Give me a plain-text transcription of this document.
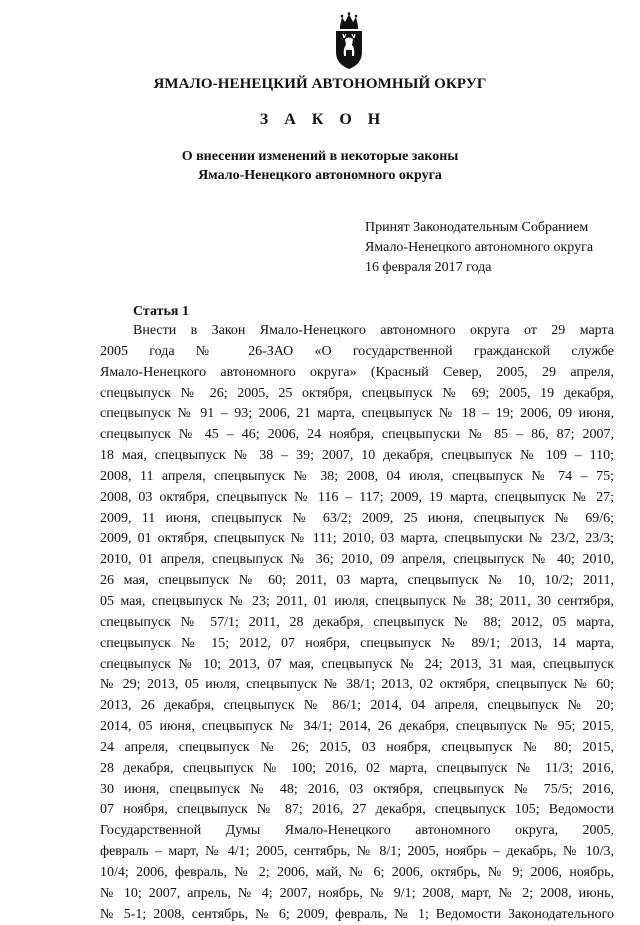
ЯМАЛО-НЕНЕЦКИЙ АВТОНОМНЫЙ ОКРУГ
З А К О Н
О внесении изменений в некоторые законы
Ямало-Ненецкого автономного округа
Принят Законодательным Собранием
Ямало-Ненецкого автономного округа
16 февраля 2017 года
Статья 1
Внести в Закон Ямало-Ненецкого автономного округа от 29 марта
2005 года № 26-ЗАО «О государственной гражданской службе
Ямало-Ненецкого автономного округа» (Красный Север, 2005, 29 апреля,
спецвыпуск № 26; 2005, 25 октября, спецвыпуск № 69; 2005, 19 декабря,
спецвыпуск № 91 – 93; 2006, 21 марта, спецвыпуск № 18 – 19; 2006, 09 июня,
спецвыпуск № 45 – 46; 2006, 24 ноября, спецвыпуски № 85 – 86, 87; 2007,
18 мая, спецвыпуск № 38 – 39; 2007, 10 декабря, спецвыпуск № 109 – 110;
2008, 11 апреля, спецвыпуск № 38; 2008, 04 июля, спецвыпуск № 74 – 75;
2008, 03 октября, спецвыпуск № 116 – 117; 2009, 19 марта, спецвыпуск № 27;
2009, 11 июня, спецвыпуск № 63/2; 2009, 25 июня, спецвыпуск № 69/6;
2009, 01 октября, спецвыпуск № 111; 2010, 03 марта, спецвыпуски № 23/2, 23/3;
2010, 01 апреля, спецвыпуск № 36; 2010, 09 апреля, спецвыпуск № 40; 2010,
26 мая, спецвыпуск № 60; 2011, 03 марта, спецвыпуск № 10, 10/2; 2011,
05 мая, спецвыпуск № 23; 2011, 01 июля, спецвыпуск № 38; 2011, 30 сентября,
спецвыпуск № 57/1; 2011, 28 декабря, спецвыпуск № 88; 2012, 05 марта,
спецвыпуск № 15; 2012, 07 ноября, спецвыпуск № 89/1; 2013, 14 марта,
спецвыпуск № 10; 2013, 07 мая, спецвыпуск № 24; 2013, 31 мая, спецвыпуск
№ 29; 2013, 05 июля, спецвыпуск № 38/1; 2013, 02 октября, спецвыпуск № 60;
2013, 26 декабря, спецвыпуск № 86/1; 2014, 04 апреля, спецвыпуск № 20;
2014, 05 июня, спецвыпуск № 34/1; 2014, 26 декабря, спецвыпуск № 95; 2015,
24 апреля, спецвыпуск № 26; 2015, 03 ноября, спецвыпуск № 80; 2015,
28 декабря, спецвыпуск № 100; 2016, 02 марта, спецвыпуск № 11/3; 2016,
30 июня, спецвыпуск № 48; 2016, 03 октября, спецвыпуск № 75/5; 2016,
07 ноября, спецвыпуск № 87; 2016, 27 декабря, спецвыпуск 105; Ведомости
Государственной Думы Ямало-Ненецкого автономного округа, 2005,
февраль – март, № 4/1; 2005, сентябрь, № 8/1; 2005, ноябрь – декабрь, № 10/3,
10/4; 2006, февраль, № 2; 2006, май, № 6; 2006, октябрь, № 9; 2006, ноябрь,
№ 10; 2007, апрель, № 4; 2007, ноябрь, № 9/1; 2008, март, № 2; 2008, июнь,
№ 5-1; 2008, сентябрь, № 6; 2009, февраль, № 1; Ведомости Законодательного
